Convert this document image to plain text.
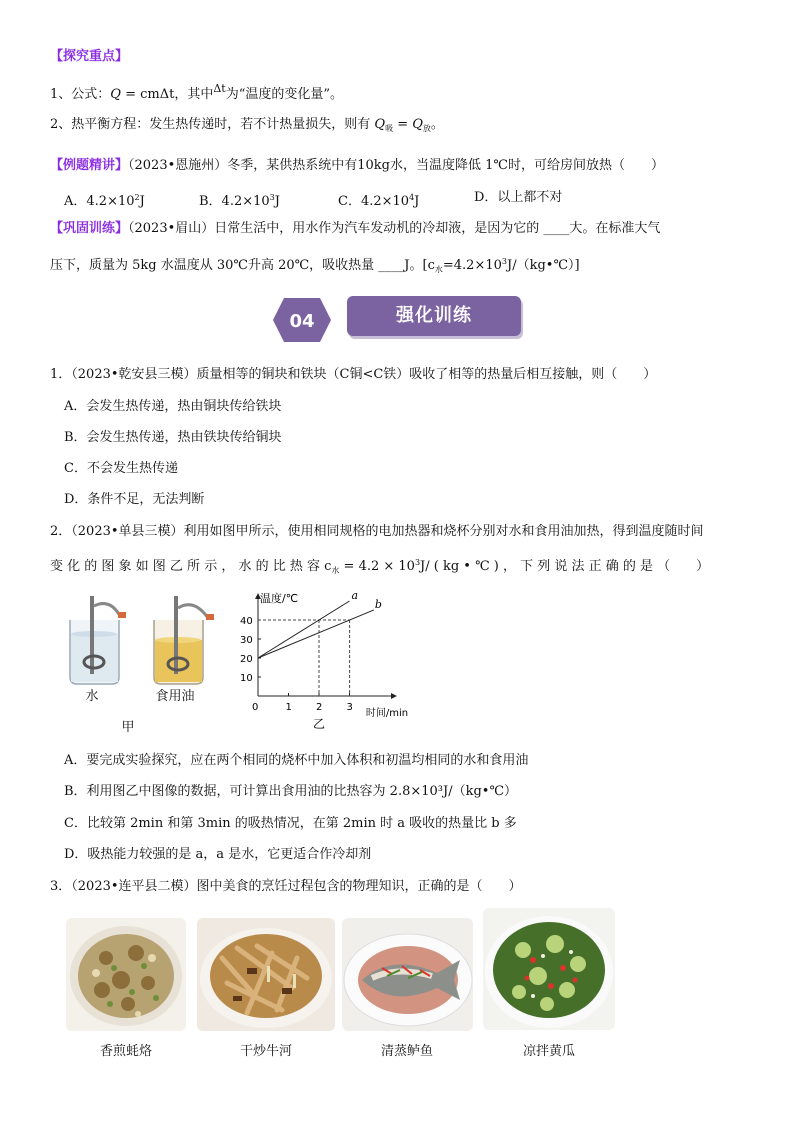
【探究重点】
1、公式：Q = cmΔt，其中$^{\Delta t}$为“温度的变化量”。
2、热平衡方程：发生热传递时，若不计热量损失，则有 $Q_吸 = Q_放$。
【例题精讲】（2023•恩施州）冬季，某供热系统中有10kg水，当温度降低 1℃时，可给房间放热（　　）
A．$4.2\times 10^2J$	B．$4.2\times 10^3J$	C．$4.2\times 10^4J$	D．以上都不对
【巩固训练】（2023•眉山）日常生活中，用水作为汽车发动机的冷却液，是因为它的 ____大。在标准大气
压下，质量为 5kg 水温度从 30℃升高 20℃，吸收热量 ____J。$[c_水=4.2\times 10^3J/(kg•℃)]$
04	强化训练
1．（2023•乾安县三模）质量相等的铜块和铁块（C铜<C铁）吸收了相等的热量后相互接触，则（　　）
A．会发生热传递，热由铜块传给铁块
B．会发生热传递，热由铁块传给铜块
C．不会发生热传递
D．条件不足，无法判断
2．（2023•单县三模）利用如图甲所示，使用相同规格的电加热器和烧杯分别对水和食用油加热，得到温度随时间
变 化 的 图 象 如 图 乙 所 示 ， 水 的 比 热 容 $c_水 = 4.2 \times 10^3J/$ ( kg • ℃ ) ， 下 列 说 法 正 确 的 是 （　　）
水	食用油
甲
温度/℃
时间/min
0	1 2 3
10
20
30
40
a
b
乙
A．要完成实验探究，应在两个相同的烧杯中加入体积和初温均相同的水和食用油
B．利用图乙中图像的数据，可计算出食用油的比热容为 2.8×10³J/（kg•℃）
C．比较第 2min 和第 3min 的吸热情况，在第 2min 时 a 吸收的热量比 b 多
D．吸热能力较强的是 a，a 是水，它更适合作冷却剂
3．（2023•连平县二模）图中美食的烹饪过程包含的物理知识，正确的是（　　）
香煎蚝烙	干炒牛河	清蒸鲈鱼	凉拌黄瓜
